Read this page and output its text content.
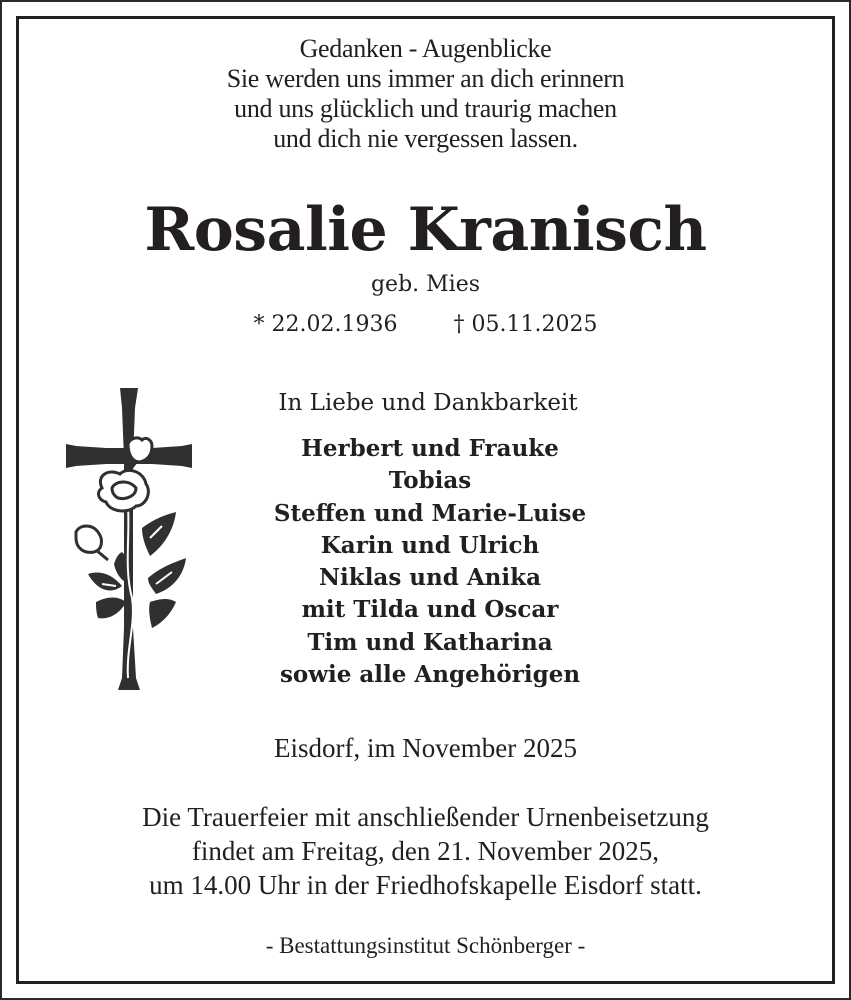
Gedanken - Augenblicke
Sie werden uns immer an dich erinnern
und uns glücklich und traurig machen
und dich nie vergessen lassen.
Rosalie Kranisch
geb. Mies
* 22.02.1936	† 05.11.2025
In Liebe und Dankbarkeit
Herbert und Frauke
Tobias
Steffen und Marie-Luise
Karin und Ulrich
Niklas und Anika
mit Tilda und Oscar
Tim und Katharina
sowie alle Angehörigen
Eisdorf, im November 2025
Die Trauerfeier mit anschließender Urnenbeisetzung
findet am Freitag, den 21. November 2025,
um 14.00 Uhr in der Friedhofskapelle Eisdorf statt.
- Bestattungsinstitut Schönberger -
